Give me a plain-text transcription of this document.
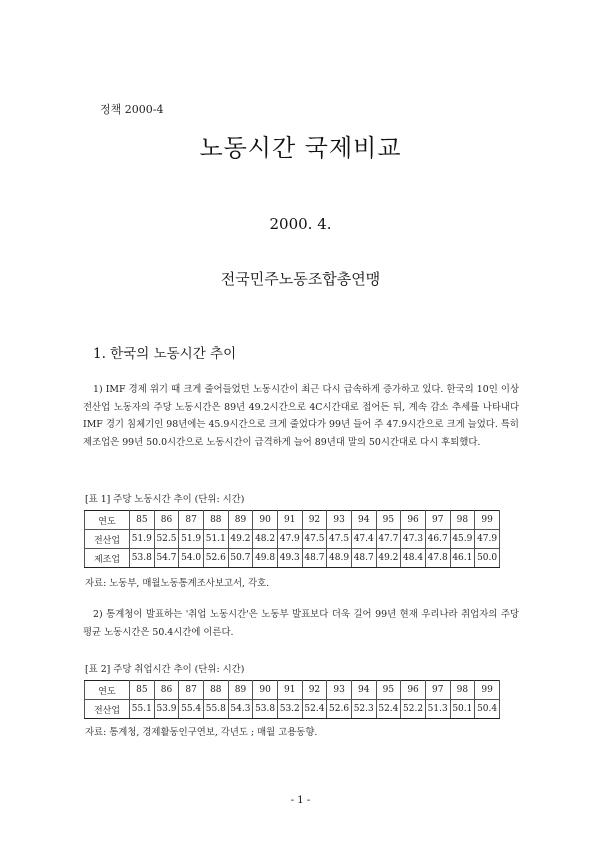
정책 2000-4
노동시간 국제비교
2000. 4.
전국민주노동조합총연맹
1. 한국의 노동시간 추이

1) IMF 경제 위기 때 크게 줄어들었던 노동시간이 최근 다시 급속하게 증가하고 있다. 한국의 10인 이상 전산업 노동자의 주당 노동시간은 89년 49.2시간으로 4C시간대로 접어든 뒤, 계속 감소 추세를 나타내다 IMF 경기 침체기인 98년에는 45.9시간으로 크게 줄었다가 99년 들어 주 47.9시간으로 크게 늘었다. 특히 제조업은 99년 50.0시간으로 노동시간이 급격하게 늘어 89년대 말의 50시간대로 다시 후퇴했다.

[표 1] 주당 노동시간 추이 (단위: 시간)
연도	85	86	87	88	89	90	91	92	93	94	95	96	97	98	99
전산업	51.9	52.5	51.9	51.1	49.2	48.2	47.9	47.5	47.5	47.4	47.7	47.3	46.7	45.9	47.9
제조업	53.8	54.7	54.0	52.6	50.7	49.8	49.3	48.7	48.9	48.7	49.2	48.4	47.8	46.1	50.0
자료: 노동부, 매월노동통계조사보고서, 각호.

2) 통계청이 발표하는 '취업 노동시간'은 노동부 발표보다 더욱 길어 99년 현재 우리나라 취업자의 주당 평균 노동시간은 50.4시간에 이른다.

[표 2] 주당 취업시간 추이 (단위: 시간)
연도	85	86	87	88	89	90	91	92	93	94	95	96	97	98	99
전산업	55.1	53.9	55.4	55.8	54.3	53.8	53.2	52.4	52.6	52.3	52.4	52.2	51.3	50.1	50.4
자료: 통계청, 경제활동인구연보, 각년도 ; 매월 고용동향.
- 1 -
